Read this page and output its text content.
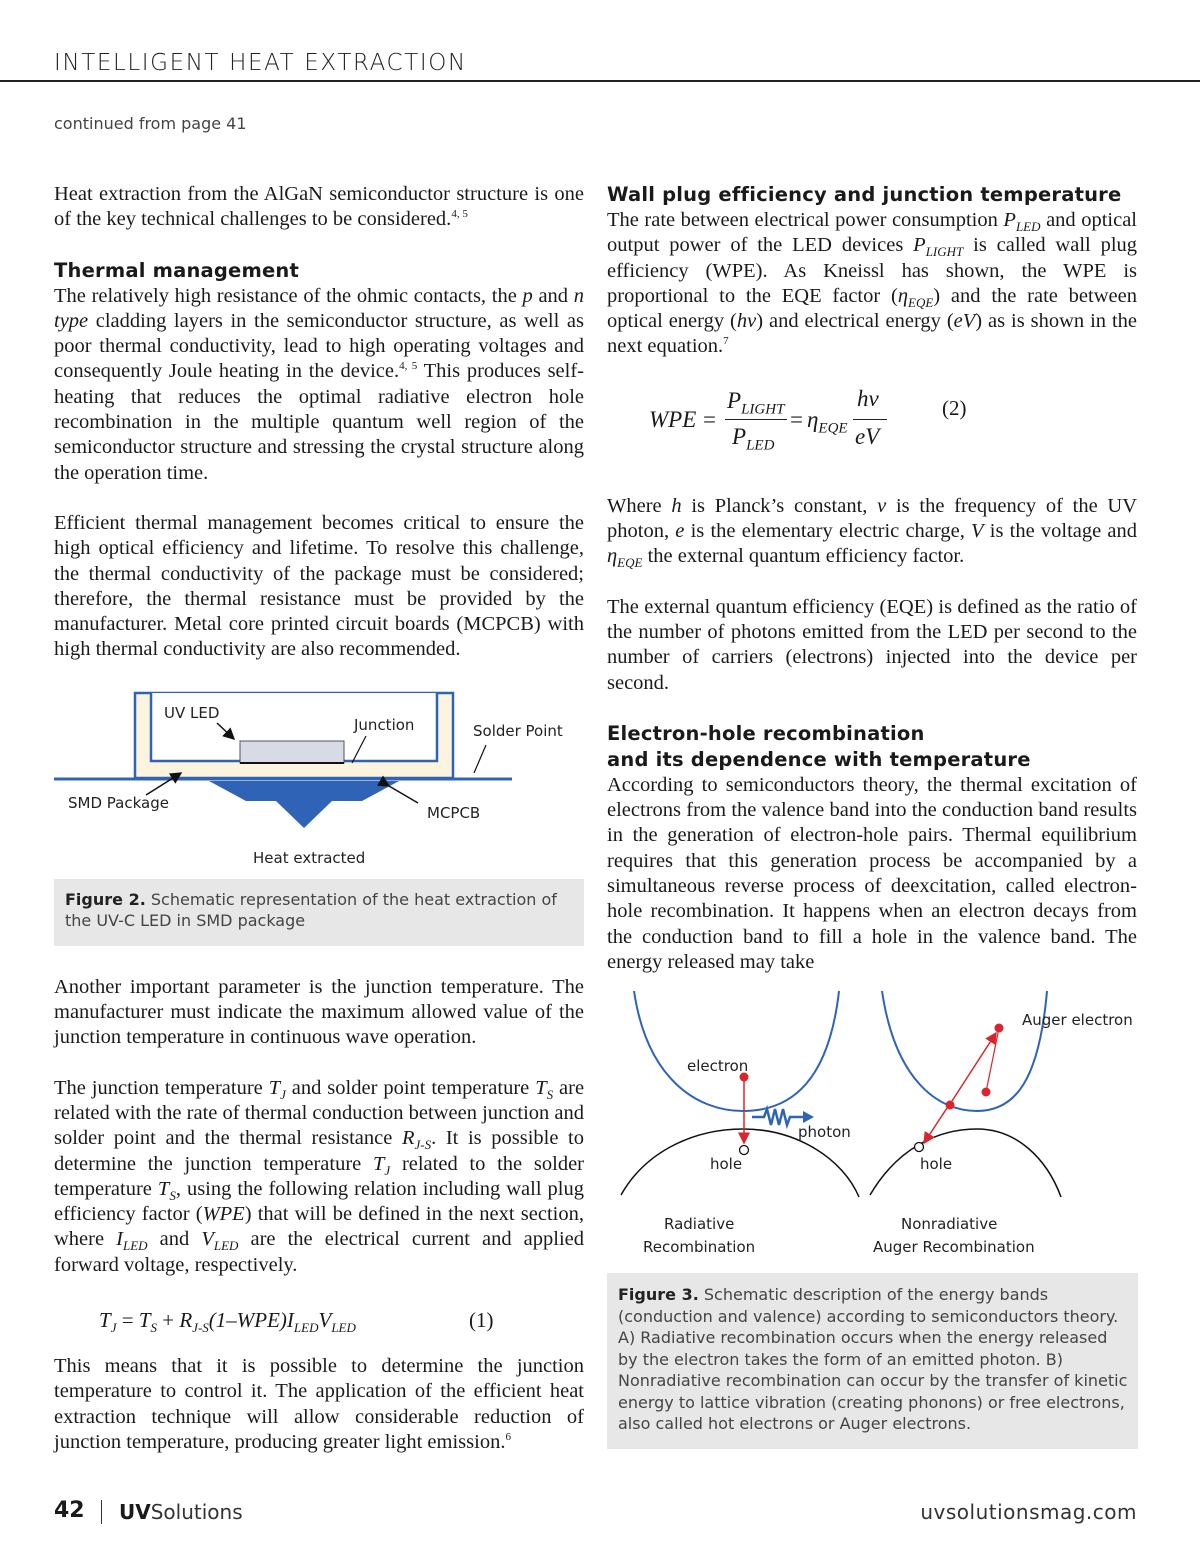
INTELLIGENT HEAT EXTRACTION
continued from page 41

Heat extraction from the AlGaN semiconductor structure is one of the key technical challenges to be considered.$^{4, 5}$

Thermal management

The relatively high resistance of the ohmic contacts, the p and n type cladding layers in the semiconductor structure, as well as poor thermal conductivity, lead to high operating voltages and consequently Joule heating in the device.$^{4, 5}$ This produces self-heating that reduces the optimal radiative electron hole recombination in the multiple quantum well region of the semiconductor structure and stressing the crystal structure along the operation time.

Efficient thermal management becomes critical to ensure the high optical efficiency and lifetime. To resolve this challenge, the thermal conductivity of the package must be considered; therefore, the thermal resistance must be provided by the manufacturer. Metal core printed circuit boards (MCPCB) with high thermal conductivity are also recommended.

UV LED
Junction	Solder Point
SMD Package
MCPCB
Heat extracted
Figure 2. Schematic representation of the heat extraction of the UV-C LED in SMD package

Another important parameter is the junction temperature. The manufacturer must indicate the maximum allowed value of the junction temperature in continuous wave operation.

The junction temperature $T_J$ and solder point temperature $T_S$ are related with the rate of thermal conduction between junction and solder point and the thermal resistance $R_{J-S}$. It is possible to determine the junction temperature $T_J$ related to the solder temperature $T_S$, using the following relation including wall plug efficiency factor (WPE) that will be defined in the next section, where $I_{LED}$ and $V_{LED}$ are the electrical current and applied forward voltage, respectively.

$T_J = T_S + R_{J-S}(1-WPE)I_{LED}V_{LED}$	(1)

This means that it is possible to determine the junction temperature to control it. The application of the efficient heat extraction technique will allow considerable reduction of junction temperature, producing greater light emission.$^6$

Wall plug efficiency and junction temperature

The rate between electrical power consumption $P_{LED}$ and optical output power of the LED devices $P_{LIGHT}$ is called wall plug efficiency (WPE). As Kneissl has shown, the WPE is proportional to the EQE factor $(\eta_{EQE})$ and the rate between optical energy (hν) and electrical energy (eV) as is shown in the next equation.$^7$

WPE =
$P_{LIGHT}$
$P_{LED}$
= $\eta_{EQE}$
hν
eV
(2)

Where h is Planck’s constant, ν is the frequency of the UV photon, e is the elementary electric charge, V is the voltage and $\eta_{EQE}$ the external quantum efficiency factor.

The external quantum efficiency (EQE) is defined as the ratio of the number of photons emitted from the LED per second to the number of carriers (electrons) injected into the device per second.

Electron-hole recombination
and its dependence with temperature

According to semiconductors theory, the thermal excitation of electrons from the valence band into the conduction band results in the generation of electron-hole pairs. Thermal equilibrium requires that this generation process be accompanied by a simultaneous reverse process of deexcitation, called electron-hole recombination. It happens when an electron decays from the conduction band to fill a hole in the valence band. The energy released may take

electron
photon
hole
Radiative
Recombination
Auger electron
hole
Nonradiative
Auger Recombination
Figure 3. Schematic description of the energy bands (conduction and valence) according to semiconductors theory. A) Radiative recombination occurs when the energy released by the electron takes the form of an emitted photon. B) Nonradiative recombination can occur by the transfer of kinetic energy to lattice vibration (creating phonons) or free electrons, also called hot electrons or Auger electrons.
42 UVSolutions	uvsolutionsmag.com
